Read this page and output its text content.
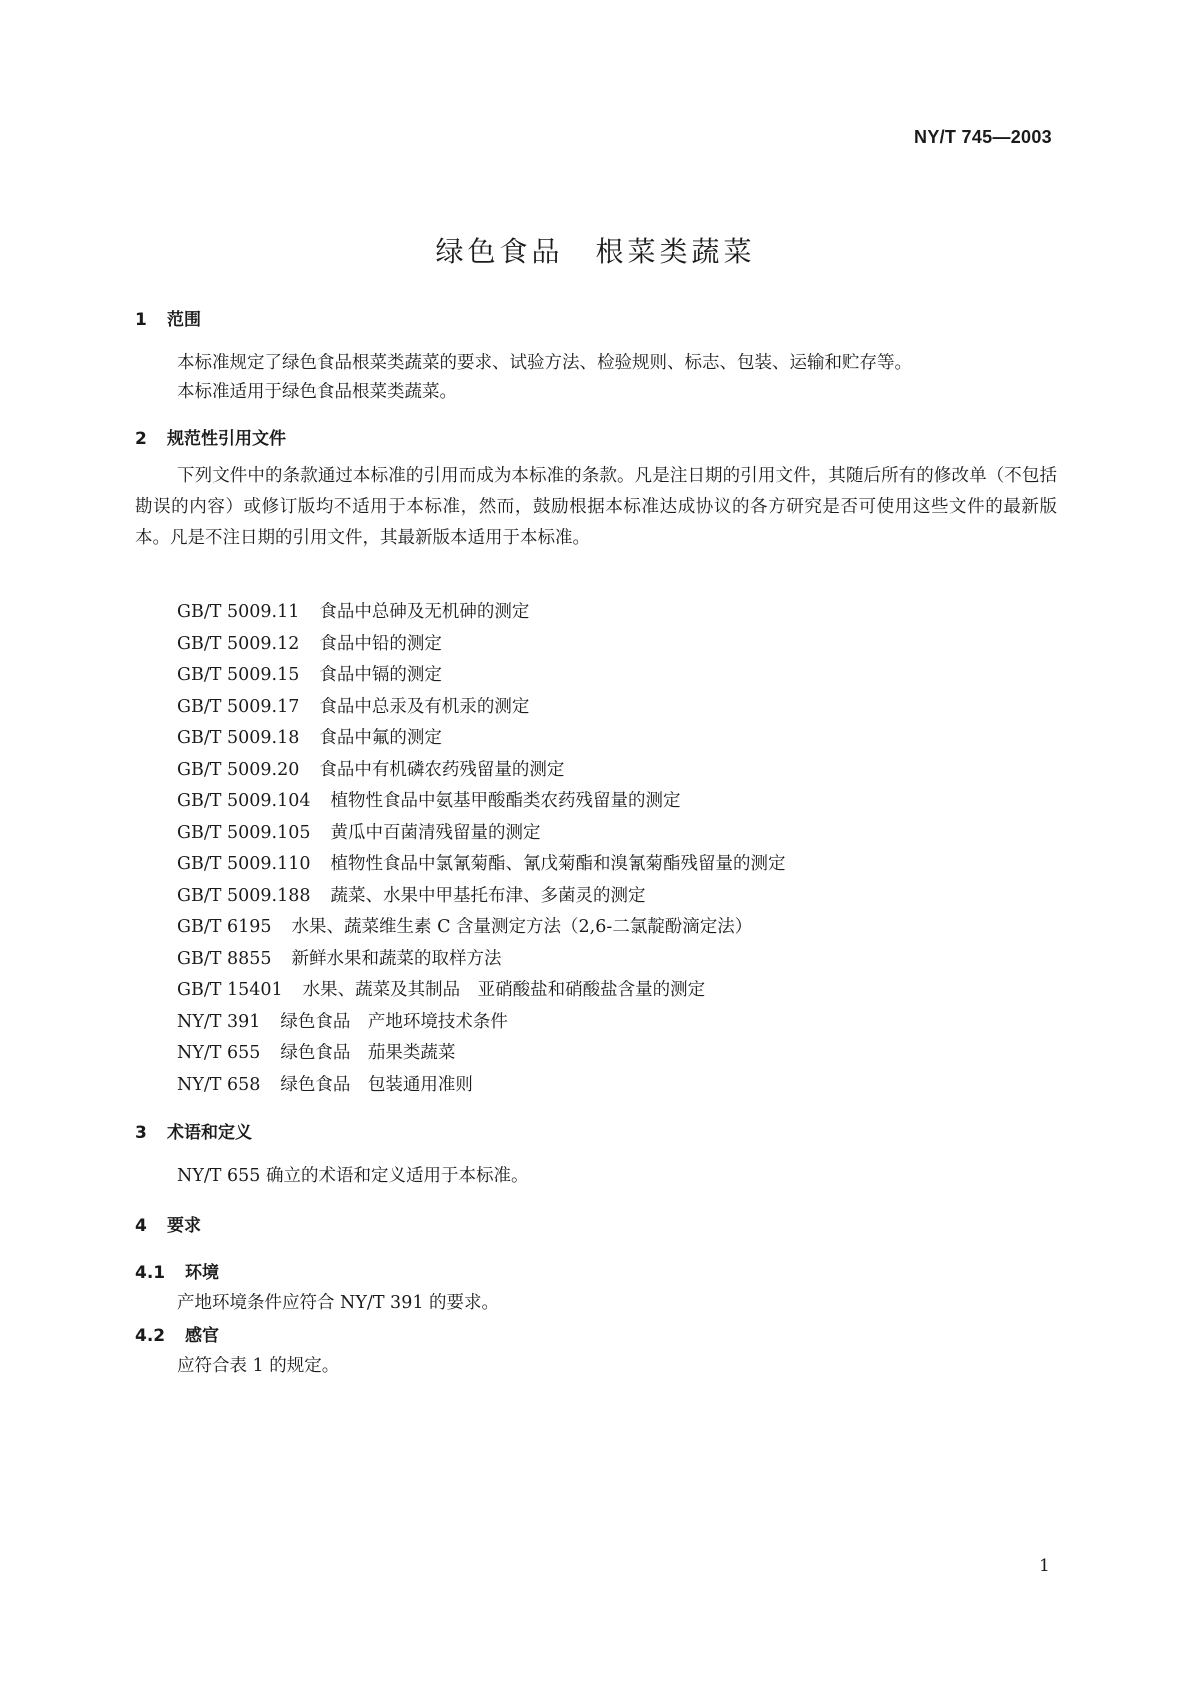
NY/T 745—2003
绿色食品　根菜类蔬菜
1 范围
本标准规定了绿色食品根菜类蔬菜的要求、试验方法、检验规则、标志、包装、运输和贮存等。
本标准适用于绿色食品根菜类蔬菜。
2 规范性引用文件
下列文件中的条款通过本标准的引用而成为本标准的条款。凡是注日期的引用文件，其随后所有的修改单（不包括勘误的内容）或修订版均不适用于本标准，然而，鼓励根据本标准达成协议的各方研究是否可使用这些文件的最新版本。凡是不注日期的引用文件，其最新版本适用于本标准。
GB/T 5009.11 食品中总砷及无机砷的测定
GB/T 5009.12 食品中铅的测定
GB/T 5009.15 食品中镉的测定
GB/T 5009.17 食品中总汞及有机汞的测定
GB/T 5009.18 食品中氟的测定
GB/T 5009.20 食品中有机磷农药残留量的测定
GB/T 5009.104 植物性食品中氨基甲酸酯类农药残留量的测定
GB/T 5009.105 黄瓜中百菌清残留量的测定
GB/T 5009.110 植物性食品中氯氰菊酯、氰戊菊酯和溴氰菊酯残留量的测定
GB/T 5009.188 蔬菜、水果中甲基托布津、多菌灵的测定
GB/T 6195 水果、蔬菜维生素 C 含量测定方法（2,6-二氯靛酚滴定法）
GB/T 8855 新鲜水果和蔬菜的取样方法
GB/T 15401 水果、蔬菜及其制品　亚硝酸盐和硝酸盐含量的测定
NY/T 391 绿色食品　产地环境技术条件
NY/T 655 绿色食品　茄果类蔬菜
NY/T 658 绿色食品　包装通用准则
3 术语和定义
NY/T 655 确立的术语和定义适用于本标准。
4 要求
4.1 环境
产地环境条件应符合 NY/T 391 的要求。
4.2 感官
应符合表 1 的规定。
1
